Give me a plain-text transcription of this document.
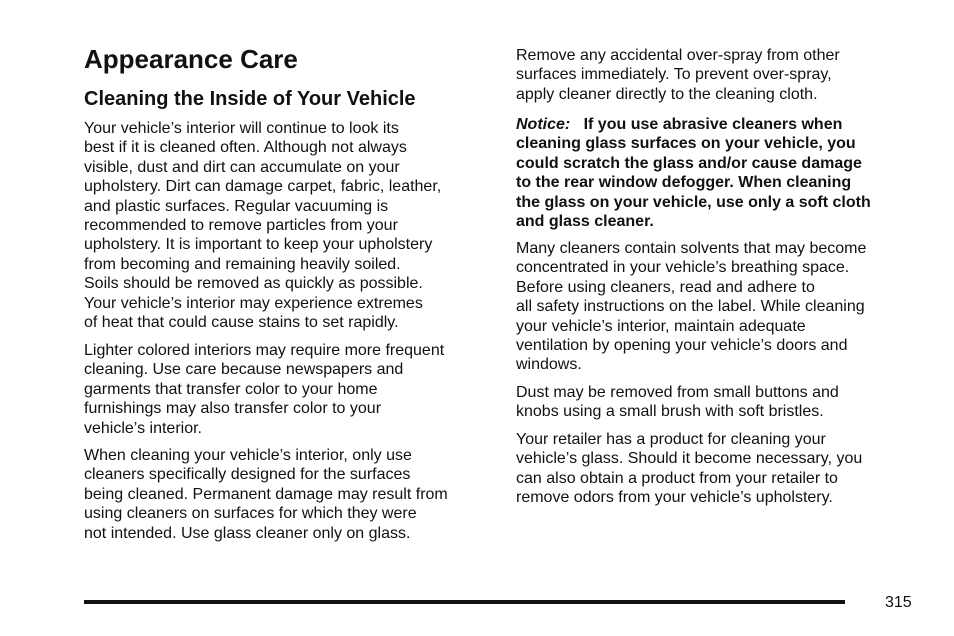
Appearance Care
Cleaning the Inside of Your Vehicle

Your vehicle’s interior will continue to look its
best if it is cleaned often. Although not always
visible, dust and dirt can accumulate on your
upholstery. Dirt can damage carpet, fabric, leather,
and plastic surfaces. Regular vacuuming is
recommended to remove particles from your
upholstery. It is important to keep your upholstery
from becoming and remaining heavily soiled.
Soils should be removed as quickly as possible.
Your vehicle’s interior may experience extremes
of heat that could cause stains to set rapidly.

Lighter colored interiors may require more frequent
cleaning. Use care because newspapers and
garments that transfer color to your home
furnishings may also transfer color to your
vehicle’s interior.

When cleaning your vehicle’s interior, only use
cleaners specifically designed for the surfaces
being cleaned. Permanent damage may result from
using cleaners on surfaces for which they were
not intended. Use glass cleaner only on glass.

Remove any accidental over-spray from other
surfaces immediately. To prevent over-spray,
apply cleaner directly to the cleaning cloth.

Notice: If you use abrasive cleaners when
cleaning glass surfaces on your vehicle, you
could scratch the glass and/or cause damage
to the rear window defogger. When cleaning
the glass on your vehicle, use only a soft cloth
and glass cleaner.

Many cleaners contain solvents that may become
concentrated in your vehicle’s breathing space.
Before using cleaners, read and adhere to
all safety instructions on the label. While cleaning
your vehicle’s interior, maintain adequate
ventilation by opening your vehicle’s doors and
windows.

Dust may be removed from small buttons and
knobs using a small brush with soft bristles.

Your retailer has a product for cleaning your
vehicle’s glass. Should it become necessary, you
can also obtain a product from your retailer to
remove odors from your vehicle’s upholstery.

315
